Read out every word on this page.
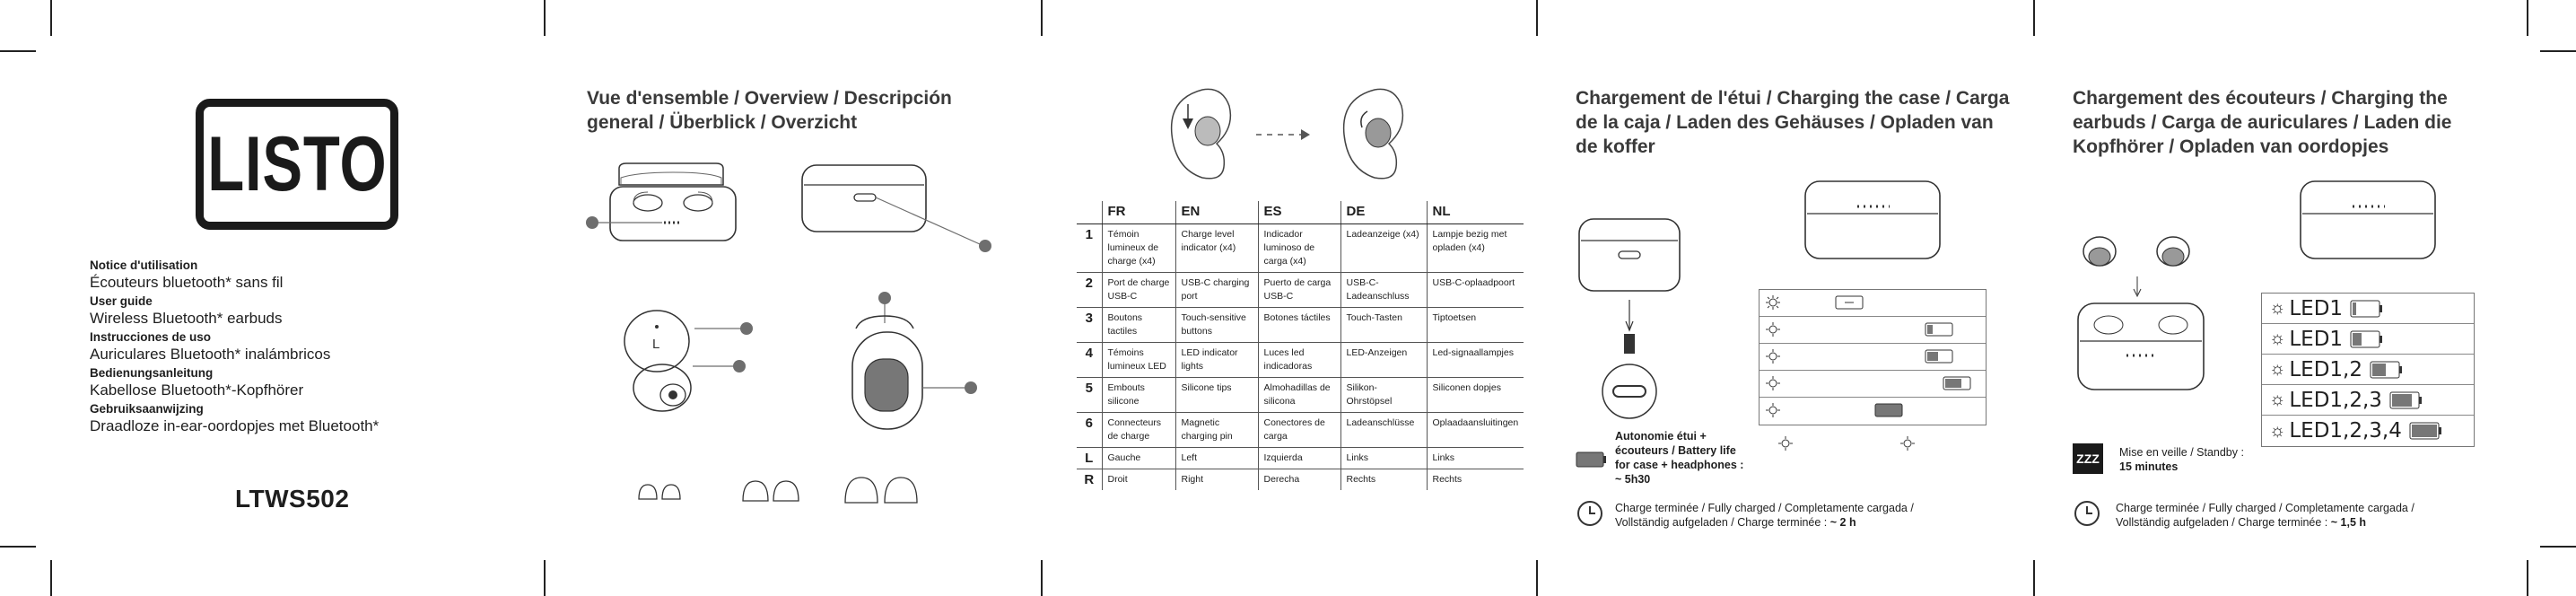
LISTO
Notice d'utilisation
Écouteurs bluetooth* sans fil
User guide
Wireless Bluetooth* earbuds
Instrucciones de uso
Auriculares Bluetooth* inalámbricos
Bedienungsanleitung
Kabellose Bluetooth*-Kopfhörer
Gebruiksaanwijzing
Draadloze in-ear-oordopjes met Bluetooth*
LTWS502
Vue d'ensemble / Overview / Descripción
general / Überblick / Overzicht
L
	FR	EN	ES	DE	NL
1	Témoin lumineux de charge (x4)	Charge level indicator (x4)	Indicador luminoso de carga (x4)	Ladeanzeige (x4)	Lampje bezig met opladen (x4)
2	Port de charge USB-C	USB-C charging port	Puerto de carga USB-C	USB-C-Ladeanschluss	USB-C-oplaadpoort
3	Boutons tactiles	Touch-sensitive buttons	Botones táctiles	Touch-Tasten	Tiptoetsen
4	Témoins lumineux LED	LED indicator lights	Luces led indicadoras	LED-Anzeigen	Led-signaallampjes
5	Embouts silicone	Silicone tips	Almohadillas de silicona	Silikon-Ohrstöpsel	Siliconen dopjes
6	Connecteurs de charge	Magnetic charging pin	Conectores de carga	Ladeanschlüsse	Oplaadaansluitingen
L	Gauche	Left	Izquierda	Links	Links
R	Droit	Right	Derecha	Rechts	Rechts
Chargement de l'étui / Charging the case / Carga
de la caja / Laden des Gehäuses / Opladen van
de koffer
Autonomie étui +
écouteurs / Battery life
for case + headphones :
~ 5h30
Charge terminée / Fully charged / Completamente cargada /
Vollständig aufgeladen / Charge terminée : ~ 2 h
Chargement des écouteurs / Charging the
earbuds / Carga de auriculares / Laden die
Kopfhörer / Opladen van oordopjes
☼ LED1
☼ LED1
☼ LED1,2
☼ LED1,2,3
☼ LED1,2,3,4
ZZZ Mise en veille / Standby :
15 minutes
Charge terminée / Fully charged / Completamente cargada /
Vollständig aufgeladen / Charge terminée : ~ 1,5 h
